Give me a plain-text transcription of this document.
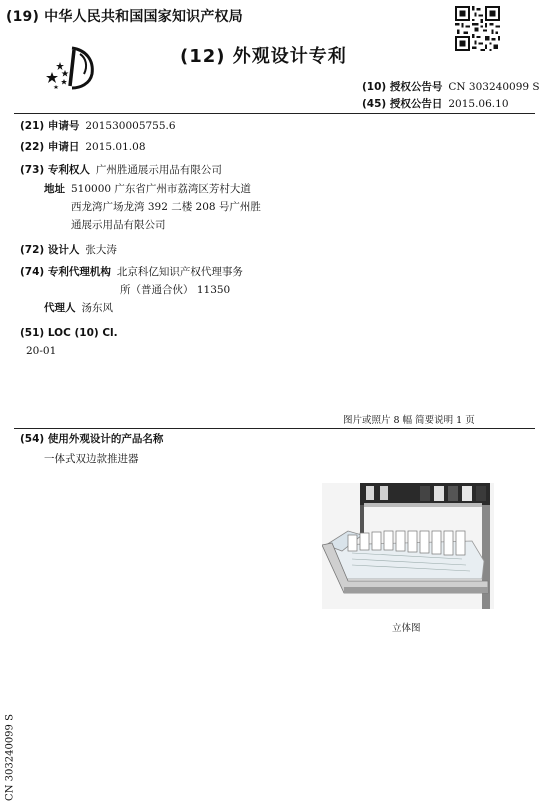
(19) 中华人民共和国国家知识产权局
(12) 外观设计专利
(10) 授权公告号 CN 303240099 S
(45) 授权公告日 2015.06.10
(21) 申请号 201530005755.6
(22) 申请日 2015.01.08
(73) 专利权人 广州胜通展示用品有限公司
地址 510000 广东省广州市荔湾区芳村大道
西龙湾广场龙湾 392 二楼 208 号广州胜
通展示用品有限公司
(72) 设计人 张大涛
(74) 专利代理机构 北京科亿知识产权代理事务
所（普通合伙） 11350
代理人 汤东风
(51) LOC (10) Cl.
20-01
图片或照片 8 幅 简要说明 1 页
(54) 使用外观设计的产品名称
一体式双边款推进器
立体图
CN 303240099 S
